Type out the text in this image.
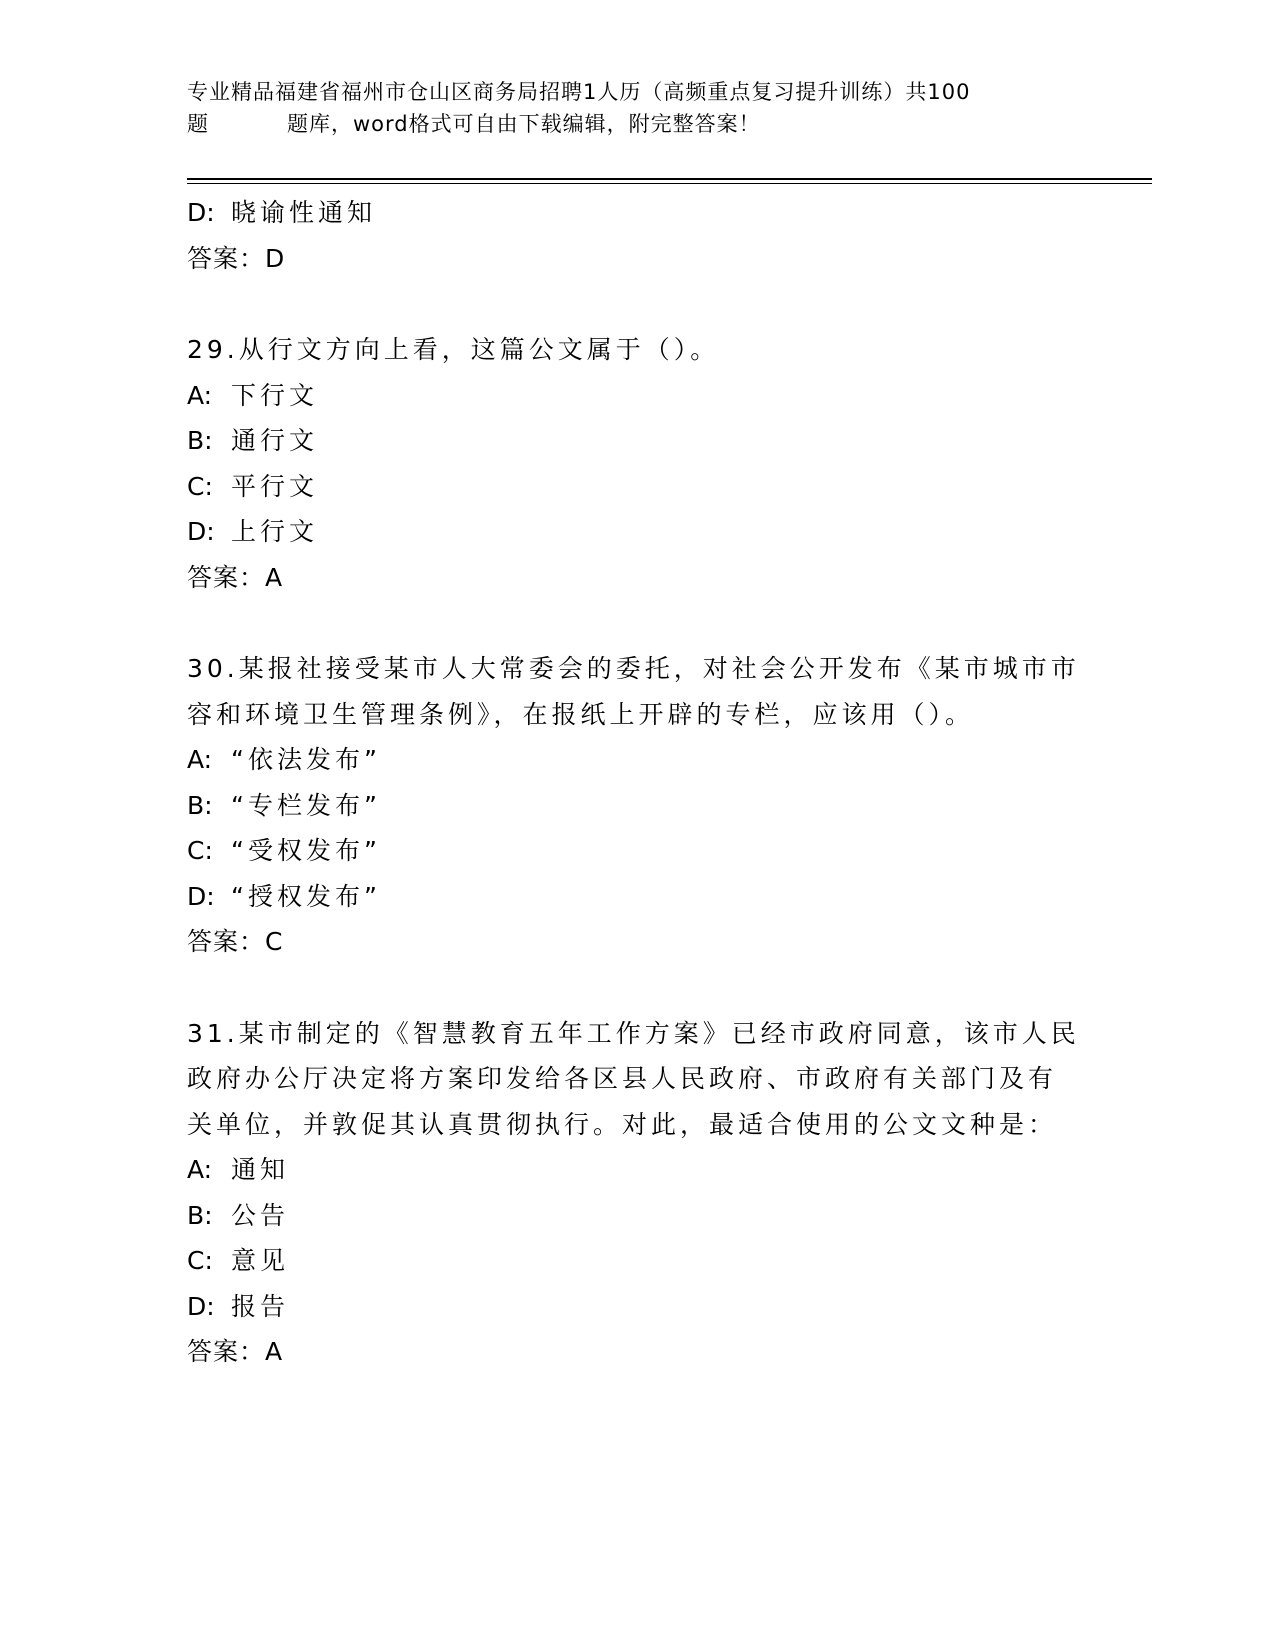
专业精品福建省福州市仓山区商务局招聘1人历（高频重点复习提升训练）共100
题	题库，word格式可自由下载编辑，附完整答案！
D: 晓谕性通知
答案：D
29.从行文方向上看，这篇公文属于（）。
A: 下行文
B: 通行文
C: 平行文
D: 上行文
答案：A
30.某报社接受某市人大常委会的委托，对社会公开发布《某市城市市
容和环境卫生管理条例》，在报纸上开辟的专栏，应该用（）。
A: “依法发布”
B: “专栏发布”
C: “受权发布”
D: “授权发布”
答案：C
31.某市制定的《智慧教育五年工作方案》已经市政府同意，该市人民
政府办公厅决定将方案印发给各区县人民政府、市政府有关部门及有
关单位，并敦促其认真贯彻执行。对此，最适合使用的公文文种是：
A: 通知
B: 公告
C: 意见
D: 报告
答案：A
